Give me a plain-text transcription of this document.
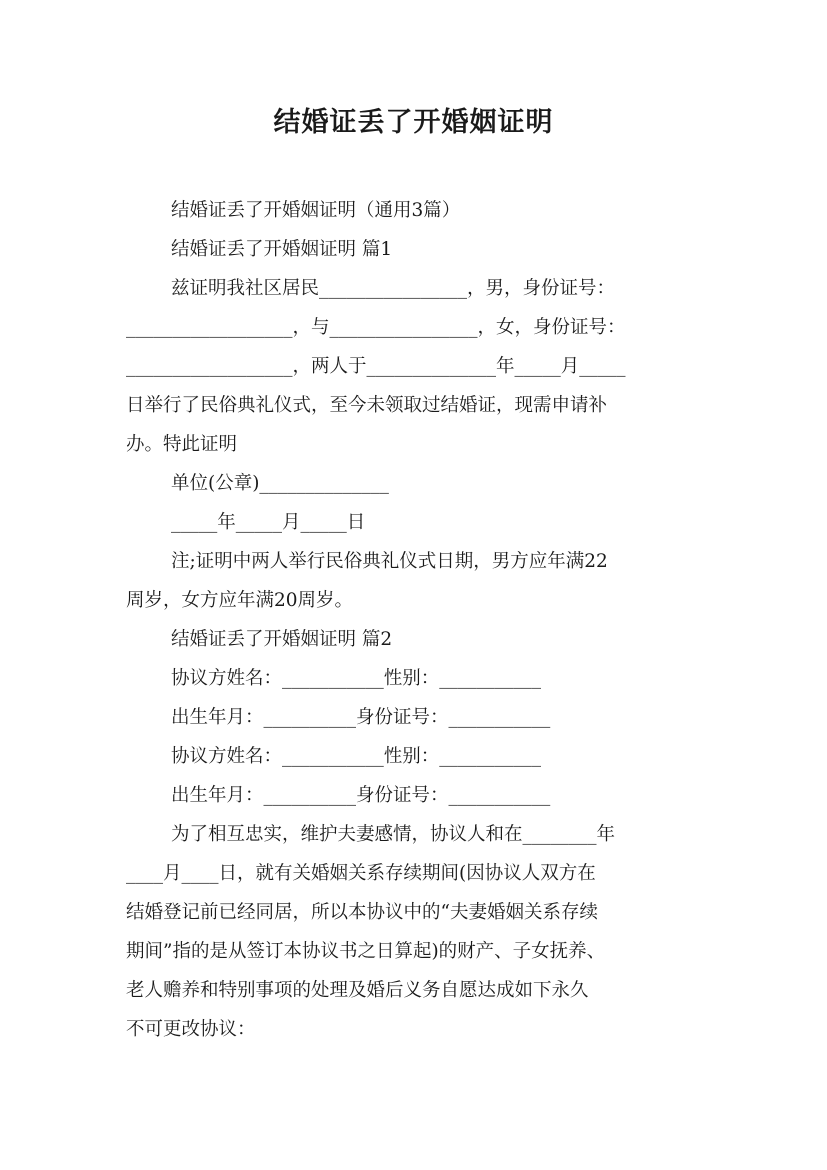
结婚证丢了开婚姻证明
结婚证丢了开婚姻证明（通用3篇）
结婚证丢了开婚姻证明 篇1
兹证明我社区居民________________，男，身份证号：
__________________，与________________，女，身份证号：
__________________，两人于______________年_____月_____
日举行了民俗典礼仪式，至今未领取过结婚证，现需申请补
办。特此证明
单位(公章)______________
_____年_____月_____日
注;证明中两人举行民俗典礼仪式日期，男方应年满22
周岁，女方应年满20周岁。
结婚证丢了开婚姻证明 篇2
协议方姓名：___________性别：___________
出生年月：__________身份证号：___________
协议方姓名：___________性别：___________
出生年月：__________身份证号：___________
为了相互忠实，维护夫妻感情，协议人和在________年
____月____日，就有关婚姻关系存续期间(因协议人双方在
结婚登记前已经同居，所以本协议中的“夫妻婚姻关系存续
期间”指的是从签订本协议书之日算起)的财产、子女抚养、
老人赡养和特别事项的处理及婚后义务自愿达成如下永久
不可更改协议：
